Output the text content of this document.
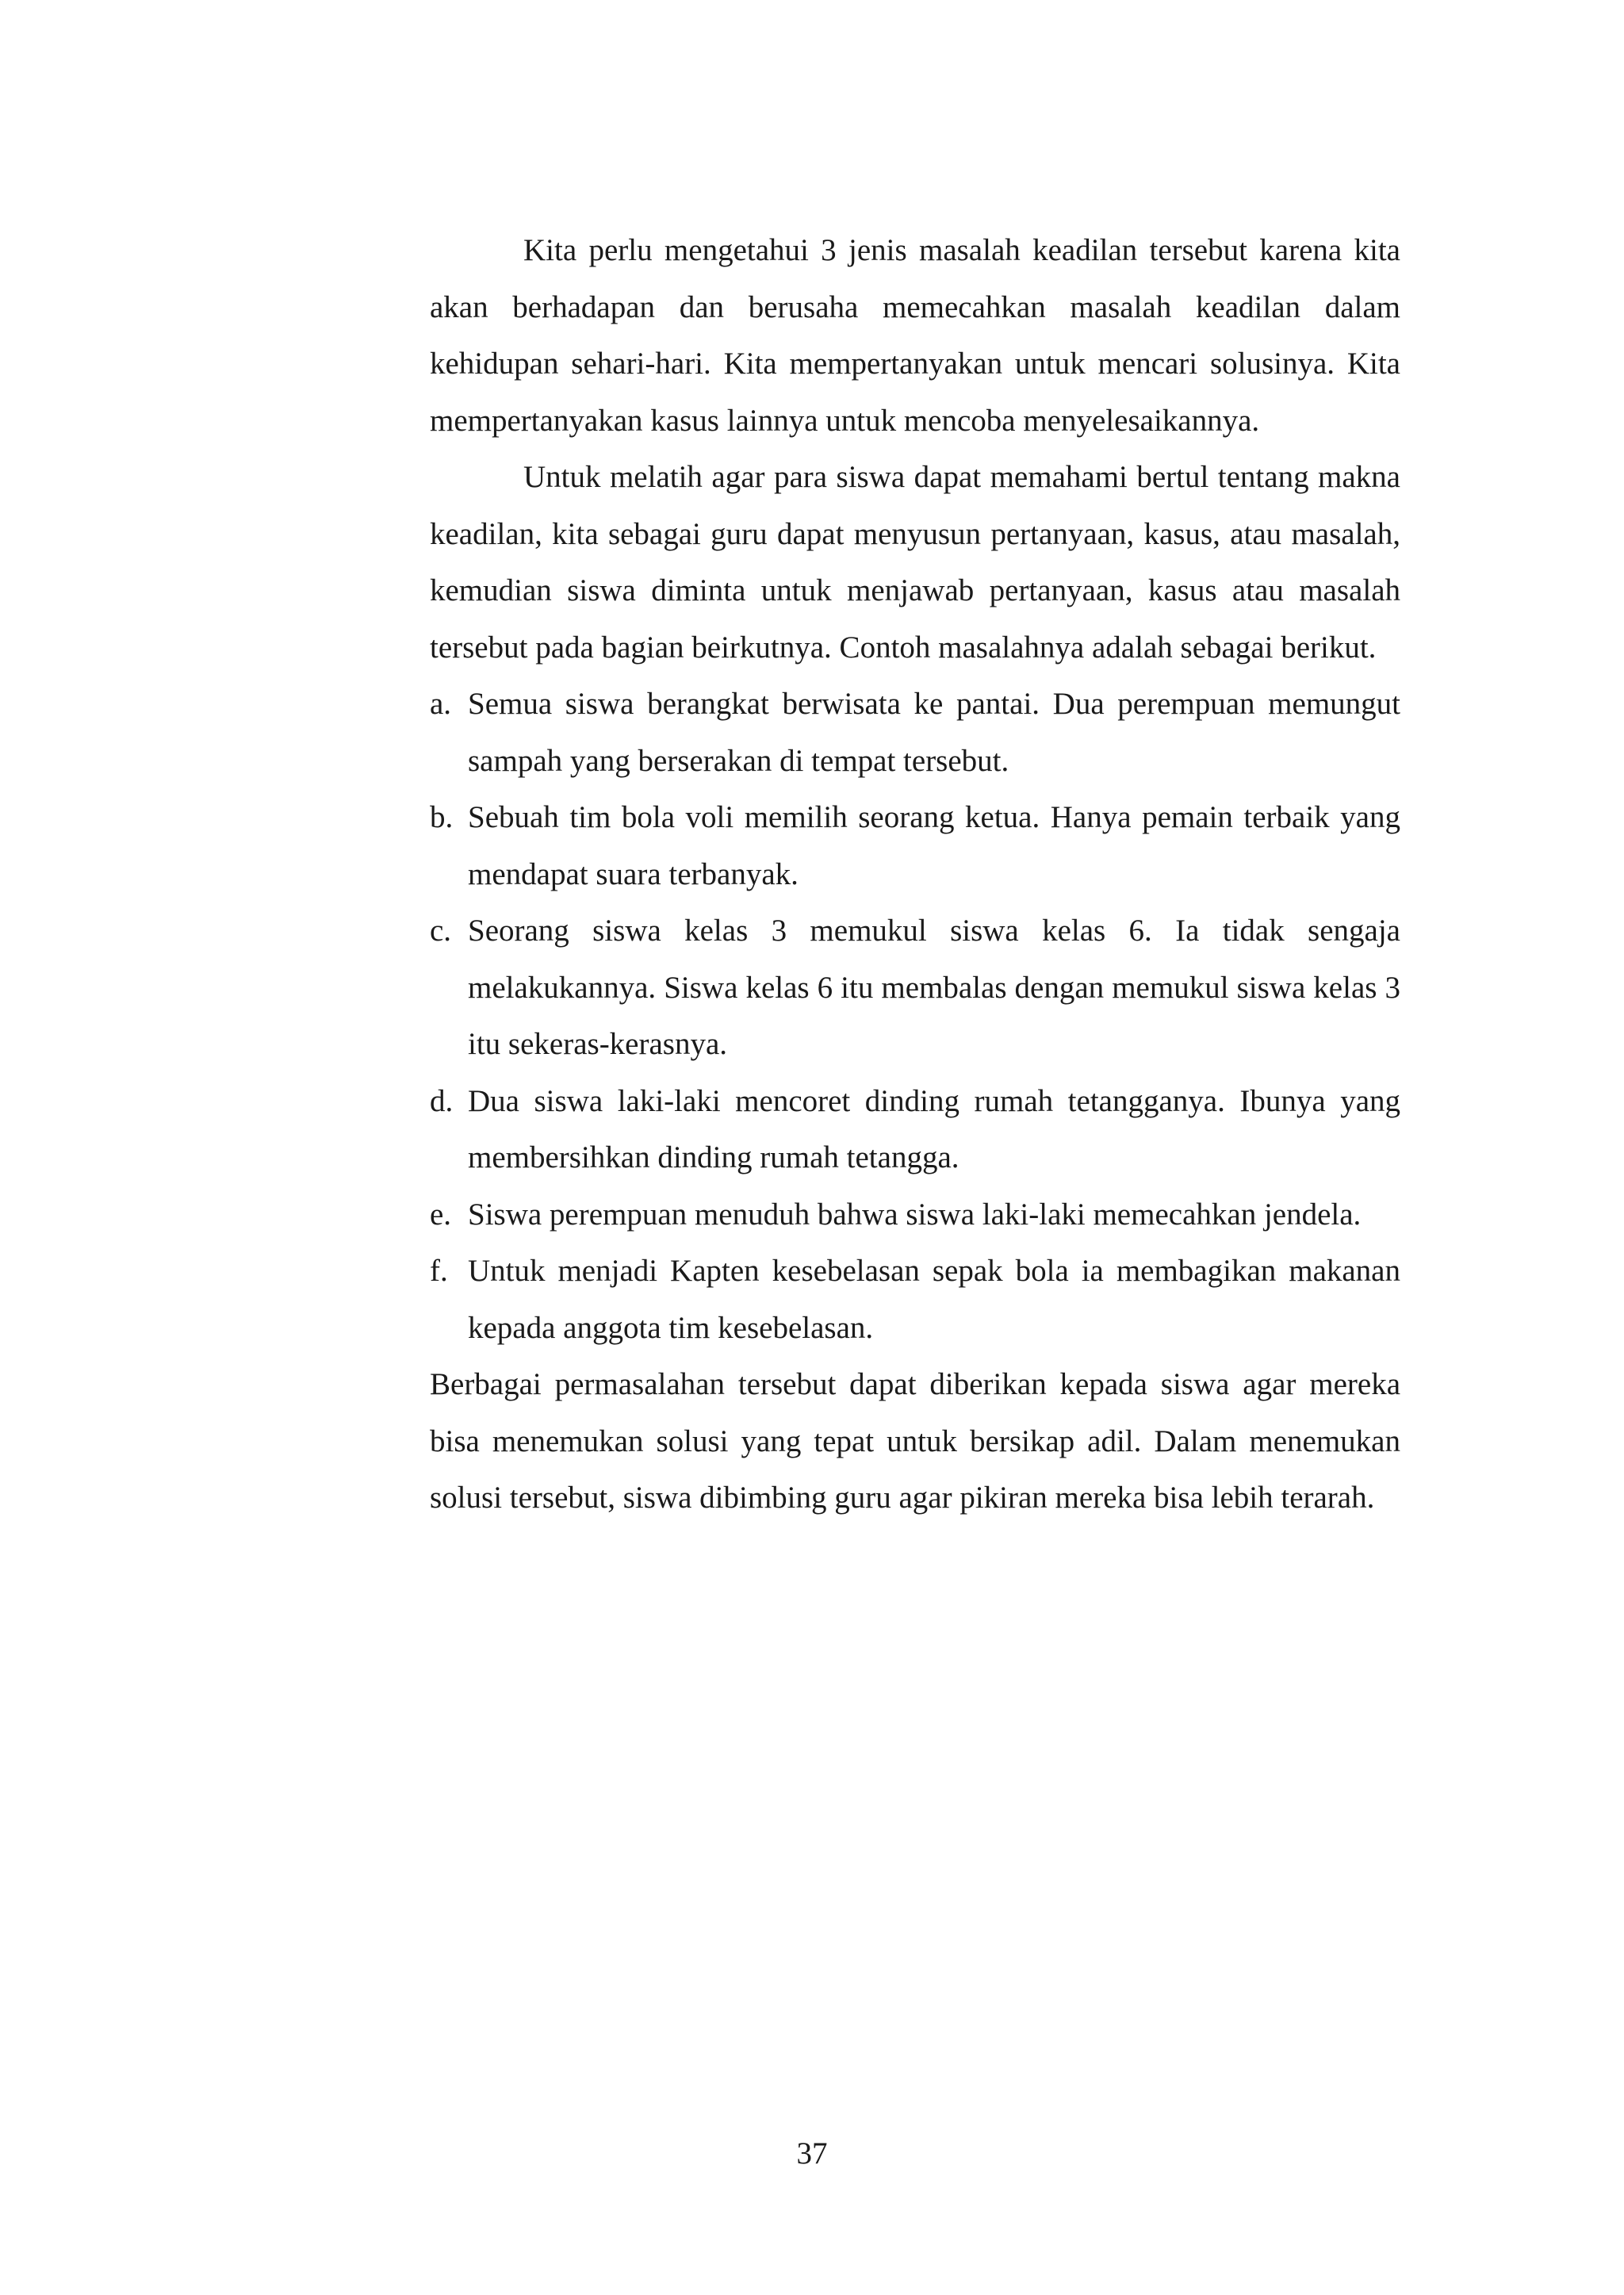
Kita perlu mengetahui 3 jenis masalah keadilan tersebut karena kita akan berhadapan dan berusaha memecahkan masalah keadilan dalam kehidupan sehari-hari. Kita mempertanyakan untuk mencari solusinya. Kita mempertanyakan kasus lainnya untuk mencoba menyelesaikannya.

Untuk melatih agar para siswa dapat memahami bertul tentang makna keadilan, kita sebagai guru dapat menyusun pertanyaan, kasus, atau masalah, kemudian siswa diminta untuk menjawab pertanyaan, kasus atau masalah tersebut pada bagian beirkutnya. Contoh masalahnya adalah sebagai berikut.

a. Semua siswa berangkat berwisata ke pantai. Dua perempuan memungut sampah yang berserakan di tempat tersebut.
b. Sebuah tim bola voli memilih seorang ketua. Hanya pemain terbaik yang mendapat suara terbanyak.
c. Seorang siswa kelas 3 memukul siswa kelas 6. Ia tidak sengaja melakukannya. Siswa kelas 6 itu membalas dengan memukul siswa kelas 3 itu sekeras-kerasnya.
d. Dua siswa laki-laki mencoret dinding rumah tetangganya. Ibunya yang membersihkan dinding rumah tetangga.
e. Siswa perempuan menuduh bahwa siswa laki-laki memecahkan jendela.
f. Untuk menjadi Kapten kesebelasan sepak bola ia membagikan makanan kepada anggota tim kesebelasan.

Berbagai permasalahan tersebut dapat diberikan kepada siswa agar mereka bisa menemukan solusi yang tepat untuk bersikap adil. Dalam menemukan solusi tersebut, siswa dibimbing guru agar pikiran mereka bisa lebih terarah.

37
